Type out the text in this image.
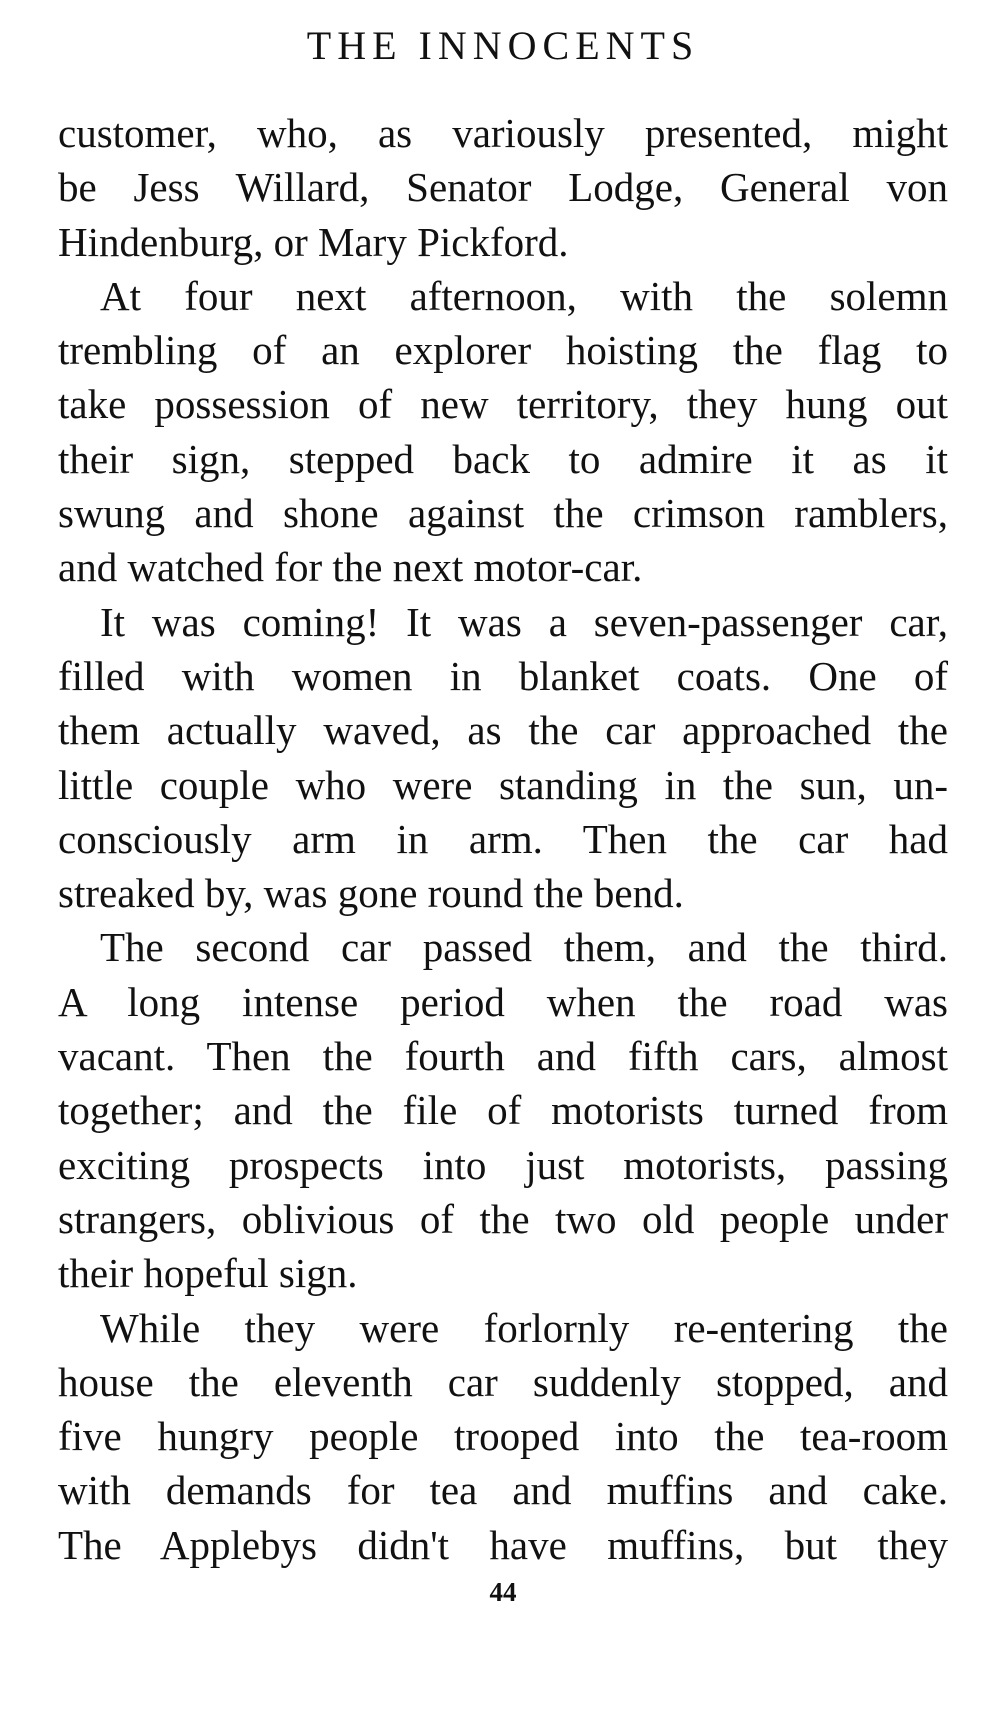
THE INNOCENTS
customer, who, as variously presented, might
be Jess Willard, Senator Lodge, General von
Hindenburg, or Mary Pickford.
At four next afternoon, with the solemn
trembling of an explorer hoisting the flag to
take possession of new territory, they hung out
their sign, stepped back to admire it as it
swung and shone against the crimson ramblers,
and watched for the next motor-car.
It was coming! It was a seven-passenger car,
filled with women in blanket coats. One of
them actually waved, as the car approached the
little couple who were standing in the sun, un-
consciously arm in arm. Then the car had
streaked by, was gone round the bend.
The second car passed them, and the third.
A long intense period when the road was
vacant. Then the fourth and fifth cars, almost
together; and the file of motorists turned from
exciting prospects into just motorists, passing
strangers, oblivious of the two old people under
their hopeful sign.
While they were forlornly re-entering the
house the eleventh car suddenly stopped, and
five hungry people trooped into the tea-room
with demands for tea and muffins and cake.
The Applebys didn't have muffins, but they
44
